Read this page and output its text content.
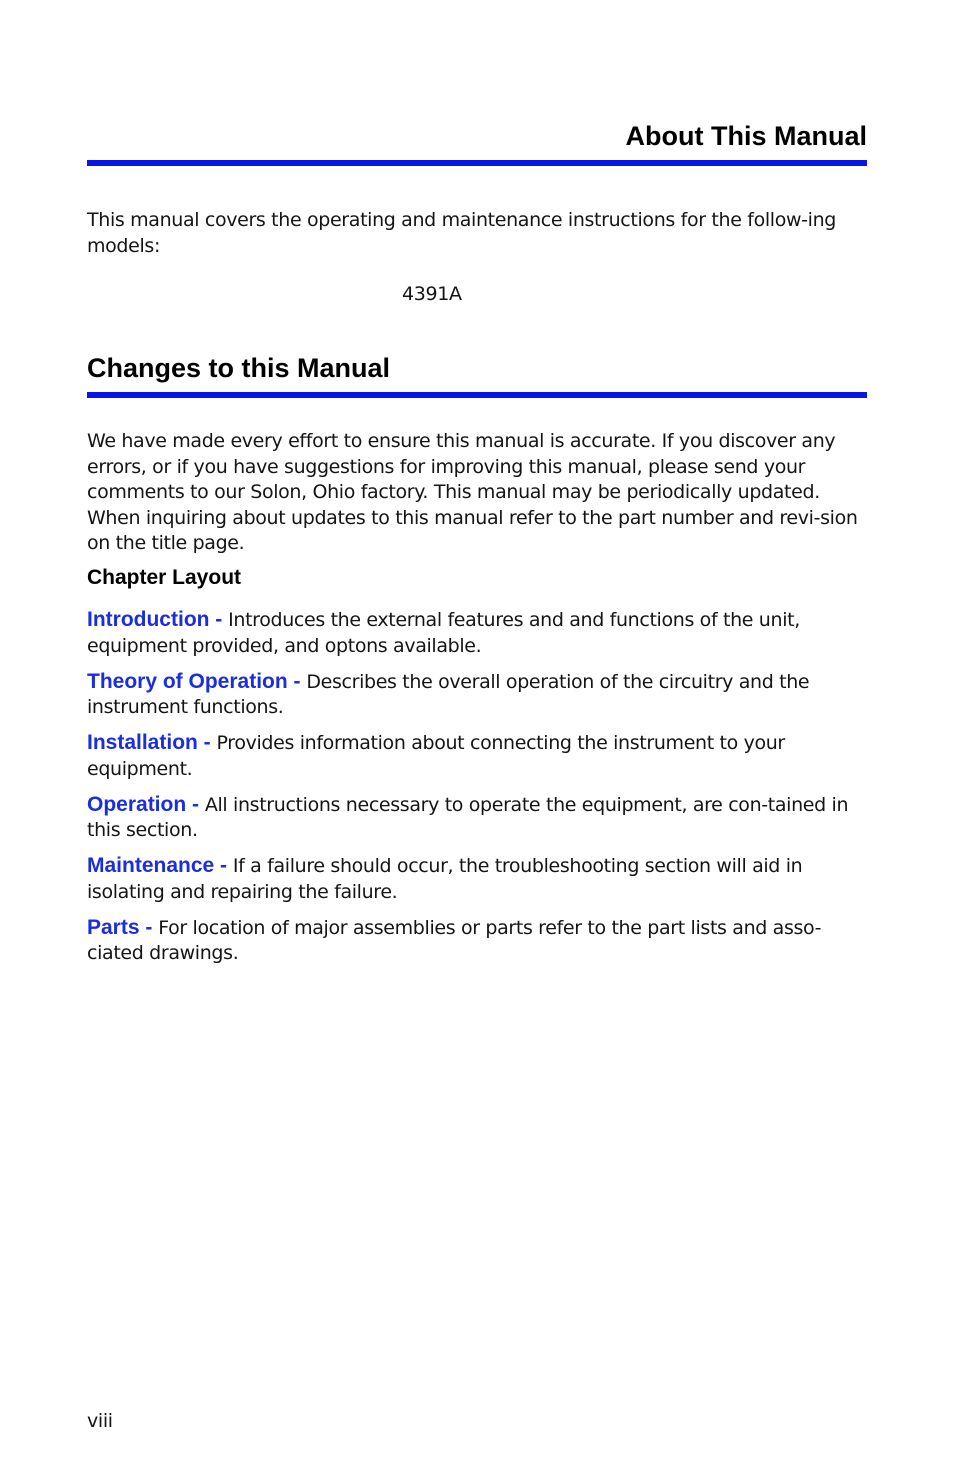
About This Manual

This manual covers the operating and maintenance instructions for the follow-ing models:

4391A

Changes to this Manual

We have made every effort to ensure this manual is accurate. If you discover any errors, or if you have suggestions for improving this manual, please send your comments to our Solon, Ohio factory. This manual may be periodically updated. When inquiring about updates to this manual refer to the part number and revi-sion on the title page.

Chapter Layout
Introduction - Introduces the external features and and functions of the unit, equipment provided, and optons available.
Theory of Operation - Describes the overall operation of the circuitry and the instrument functions.
Installation - Provides information about connecting the instrument to your equipment.
Operation - All instructions necessary to operate the equipment, are con-tained in this section.
Maintenance - If a failure should occur, the troubleshooting section will aid in isolating and repairing the failure.
Parts - For location of major assemblies or parts refer to the part lists and asso-ciated drawings.

viii
